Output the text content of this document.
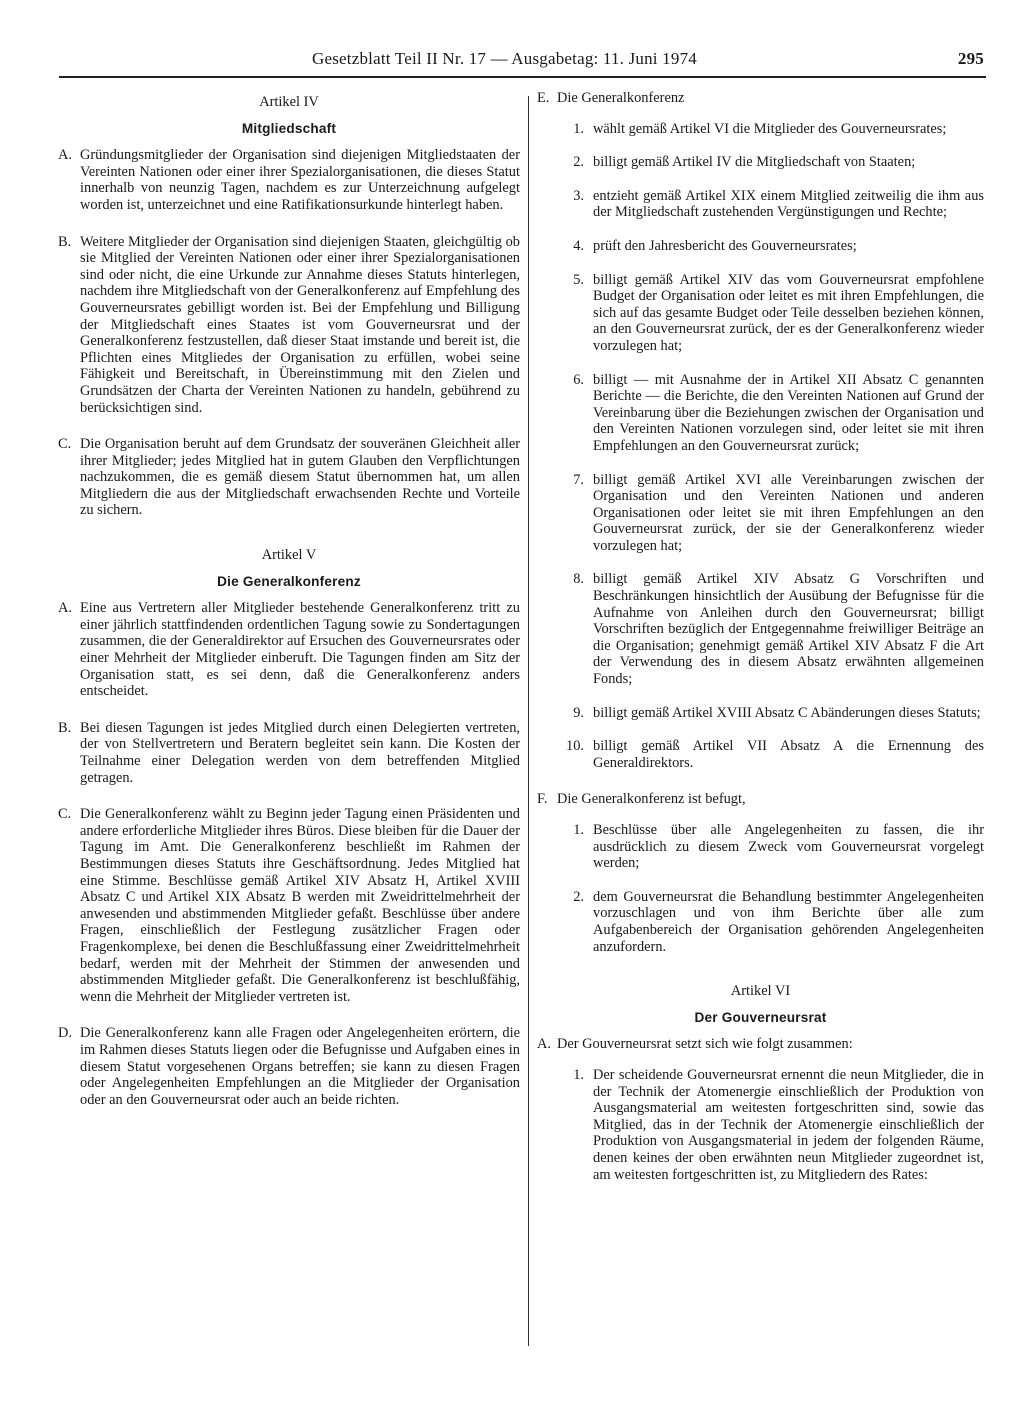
Gesetzblatt Teil II Nr. 17 — Ausgabetag: 11. Juni 1974	295

Artikel IV

Mitgliedschaft

A. Gründungsmitglieder der Organisation sind diejenigen Mitgliedstaaten der Vereinten Nationen oder einer ihrer Spezialorganisationen, die dieses Statut innerhalb von neunzig Tagen, nachdem es zur Unterzeichnung aufgelegt worden ist, unterzeichnet und eine Ratifikationsurkunde hinterlegt haben.
B. Weitere Mitglieder der Organisation sind diejenigen Staaten, gleichgültig ob sie Mitglied der Vereinten Nationen oder einer ihrer Spezialorganisationen sind oder nicht, die eine Urkunde zur Annahme dieses Statuts hinterlegen, nachdem ihre Mitgliedschaft von der Generalkonferenz auf Empfehlung des Gouverneursrates gebilligt worden ist. Bei der Empfehlung und Billigung der Mitgliedschaft eines Staates ist vom Gouverneursrat und der Generalkonferenz festzustellen, daß dieser Staat imstande und bereit ist, die Pflichten eines Mitgliedes der Organisation zu erfüllen, wobei seine Fähigkeit und Bereitschaft, in Übereinstimmung mit den Zielen und Grundsätzen der Charta der Vereinten Nationen zu handeln, gebührend zu berücksichtigen sind.
C. Die Organisation beruht auf dem Grundsatz der souveränen Gleichheit aller ihrer Mitglieder; jedes Mitglied hat in gutem Glauben den Verpflichtungen nachzukommen, die es gemäß diesem Statut übernommen hat, um allen Mitgliedern die aus der Mitgliedschaft erwachsenden Rechte und Vorteile zu sichern.

Artikel V

Die Generalkonferenz

A. Eine aus Vertretern aller Mitglieder bestehende Generalkonferenz tritt zu einer jährlich stattfindenden ordentlichen Tagung sowie zu Sondertagungen zusammen, die der Generaldirektor auf Ersuchen des Gouverneursrates oder einer Mehrheit der Mitglieder einberuft. Die Tagungen finden am Sitz der Organisation statt, es sei denn, daß die Generalkonferenz anders entscheidet.
B. Bei diesen Tagungen ist jedes Mitglied durch einen Delegierten vertreten, der von Stellvertretern und Beratern begleitet sein kann. Die Kosten der Teilnahme einer Delegation werden von dem betreffenden Mitglied getragen.
C. Die Generalkonferenz wählt zu Beginn jeder Tagung einen Präsidenten und andere erforderliche Mitglieder ihres Büros. Diese bleiben für die Dauer der Tagung im Amt. Die Generalkonferenz beschließt im Rahmen der Bestimmungen dieses Statuts ihre Geschäftsordnung. Jedes Mitglied hat eine Stimme. Beschlüsse gemäß Artikel XIV Absatz H, Artikel XVIII Absatz C und Artikel XIX Absatz B werden mit Zweidrittelmehrheit der anwesenden und abstimmenden Mitglieder gefaßt. Beschlüsse über andere Fragen, einschließlich der Festlegung zusätzlicher Fragen oder Fragenkomplexe, bei denen die Beschlußfassung einer Zweidrittelmehrheit bedarf, werden mit der Mehrheit der Stimmen der anwesenden und abstimmenden Mitglieder gefaßt. Die Generalkonferenz ist beschlußfähig, wenn die Mehrheit der Mitglieder vertreten ist.
D. Die Generalkonferenz kann alle Fragen oder Angelegenheiten erörtern, die im Rahmen dieses Statuts liegen oder die Befugnisse und Aufgaben eines in diesem Statut vorgesehenen Organs betreffen; sie kann zu diesen Fragen oder Angelegenheiten Empfehlungen an die Mitglieder der Organisation oder an den Gouverneursrat oder auch an beide richten.
E. Die Generalkonferenz
1. wählt gemäß Artikel VI die Mitglieder des Gouverneursrates;
2. billigt gemäß Artikel IV die Mitgliedschaft von Staaten;
3. entzieht gemäß Artikel XIX einem Mitglied zeitweilig die ihm aus der Mitgliedschaft zustehenden Vergünstigungen und Rechte;
4. prüft den Jahresbericht des Gouverneursrates;
5. billigt gemäß Artikel XIV das vom Gouverneursrat empfohlene Budget der Organisation oder leitet es mit ihren Empfehlungen, die sich auf das gesamte Budget oder Teile desselben beziehen können, an den Gouverneursrat zurück, der es der Generalkonferenz wieder vorzulegen hat;
6. billigt — mit Ausnahme der in Artikel XII Absatz C genannten Berichte — die Berichte, die den Vereinten Nationen auf Grund der Vereinbarung über die Beziehungen zwischen der Organisation und den Vereinten Nationen vorzulegen sind, oder leitet sie mit ihren Empfehlungen an den Gouverneursrat zurück;
7. billigt gemäß Artikel XVI alle Vereinbarungen zwischen der Organisation und den Vereinten Nationen und anderen Organisationen oder leitet sie mit ihren Empfehlungen an den Gouverneursrat zurück, der sie der Generalkonferenz wieder vorzulegen hat;
8. billigt gemäß Artikel XIV Absatz G Vorschriften und Beschränkungen hinsichtlich der Ausübung der Befugnisse für die Aufnahme von Anleihen durch den Gouverneursrat; billigt Vorschriften bezüglich der Entgegennahme freiwilliger Beiträge an die Organisation; genehmigt gemäß Artikel XIV Absatz F die Art der Verwendung des in diesem Absatz erwähnten allgemeinen Fonds;
9. billigt gemäß Artikel XVIII Absatz C Abänderungen dieses Statuts;
10. billigt gemäß Artikel VII Absatz A die Ernennung des Generaldirektors.
F. Die Generalkonferenz ist befugt,
1. Beschlüsse über alle Angelegenheiten zu fassen, die ihr ausdrücklich zu diesem Zweck vom Gouverneursrat vorgelegt werden;
2. dem Gouverneursrat die Behandlung bestimmter Angelegenheiten vorzuschlagen und von ihm Berichte über alle zum Aufgabenbereich der Organisation gehörenden Angelegenheiten anzufordern.

Artikel VI

Der Gouverneursrat

A. Der Gouverneursrat setzt sich wie folgt zusammen:
1. Der scheidende Gouverneursrat ernennt die neun Mitglieder, die in der Technik der Atomenergie einschließlich der Produktion von Ausgangsmaterial am weitesten fortgeschritten sind, sowie das Mitglied, das in der Technik der Atomenergie einschließlich der Produktion von Ausgangsmaterial in jedem der folgenden Räume, denen keines der oben erwähnten neun Mitglieder zugeordnet ist, am weitesten fortgeschritten ist, zu Mitgliedern des Rates:
